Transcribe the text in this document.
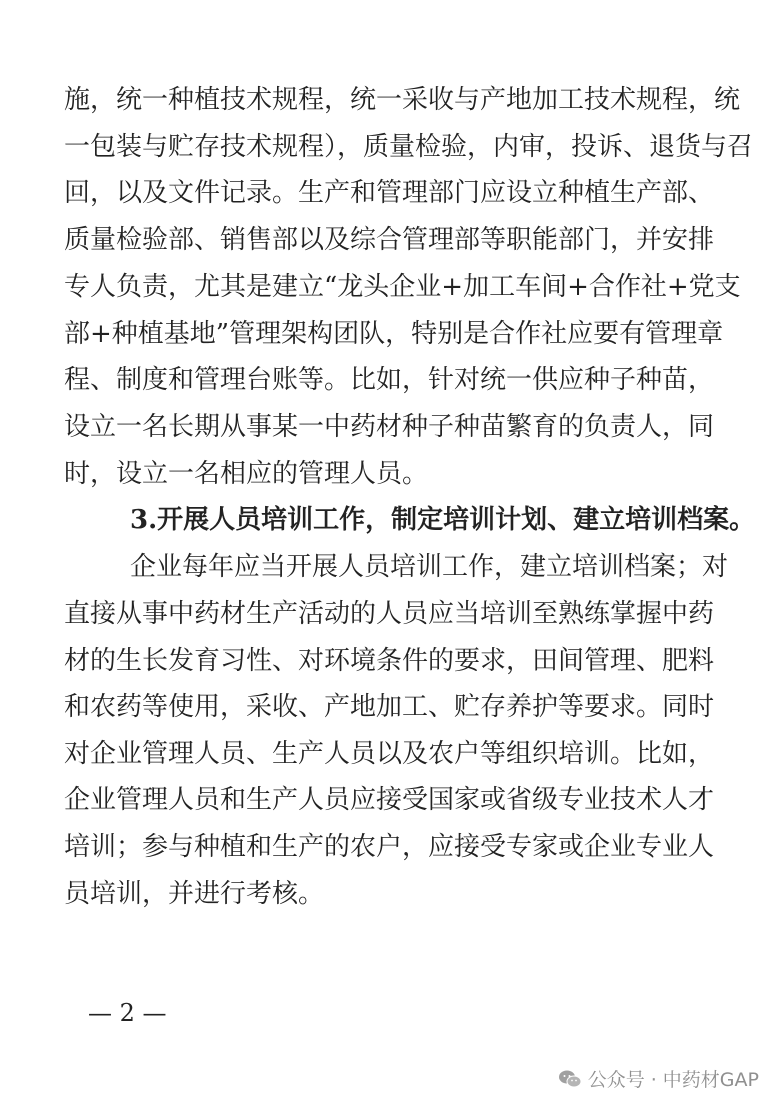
施，统一种植技术规程，统一采收与产地加工技术规程，统
一包装与贮存技术规程），质量检验，内审，投诉、退货与召
回，以及文件记录。生产和管理部门应设立种植生产部、
质量检验部、销售部以及综合管理部等职能部门，并安排
专人负责，尤其是建立“龙头企业+加工车间+合作社+党支
部+种植基地”管理架构团队，特别是合作社应要有管理章
程、制度和管理台账等。比如，针对统一供应种子种苗，
设立一名长期从事某一中药材种子种苗繁育的负责人，同
时，设立一名相应的管理人员。
3.开展人员培训工作，制定培训计划、建立培训档案。
企业每年应当开展人员培训工作，建立培训档案；对
直接从事中药材生产活动的人员应当培训至熟练掌握中药
材的生长发育习性、对环境条件的要求，田间管理、肥料
和农药等使用，采收、产地加工、贮存养护等要求。同时
对企业管理人员、生产人员以及农户等组织培训。比如，
企业管理人员和生产人员应接受国家或省级专业技术人才
培训；参与种植和生产的农户，应接受专家或企业专业人
员培训，并进行考核。
— 2 —
公众号 · 中药材GAP
